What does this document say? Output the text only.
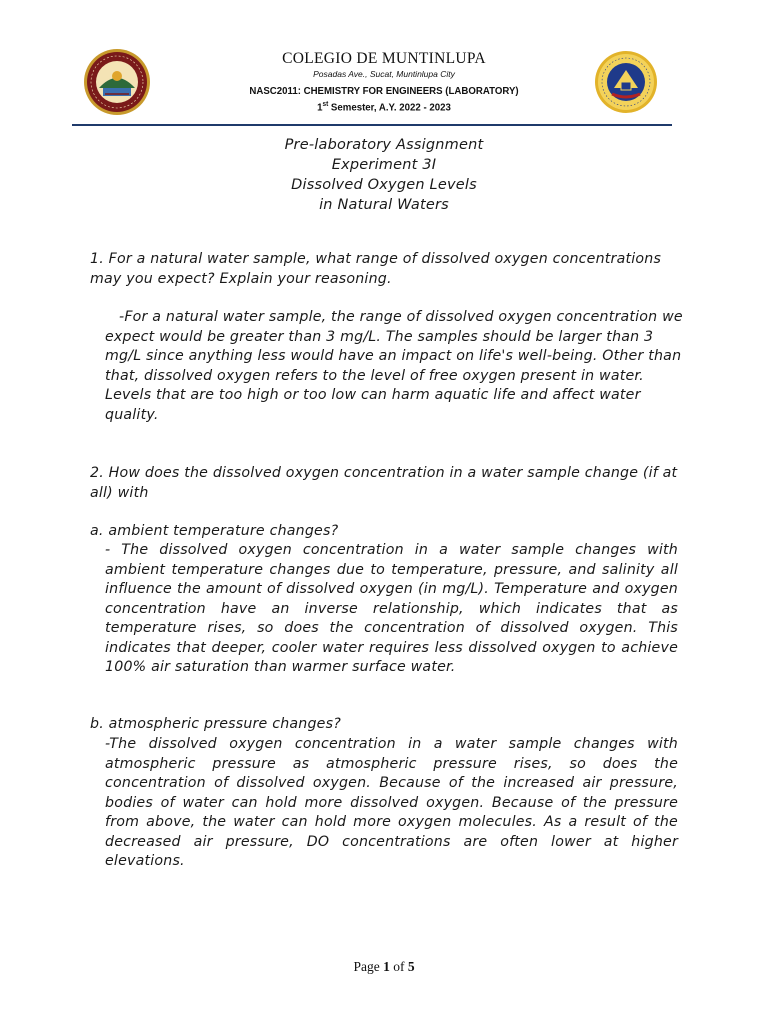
COLEGIO DE MUNTINLUPA
Posadas Ave., Sucat, Muntinlupa City
NASC2011: CHEMISTRY FOR ENGINEERS (LABORATORY)
1st Semester, A.Y. 2022 - 2023
Pre-laboratory Assignment
Experiment 3I
Dissolved Oxygen Levels
in Natural Waters
1. For a natural water sample, what range of dissolved oxygen concentrations may you expect? Explain your reasoning.
-For a natural water sample, the range of dissolved oxygen concentration we expect would be greater than 3 mg/L. The samples should be larger than 3 mg/L since anything less would have an impact on life's well-being. Other than that, dissolved oxygen refers to the level of free oxygen present in water. Levels that are too high or too low can harm aquatic life and affect water quality.
2. How does the dissolved oxygen concentration in a water sample change (if at all) with
a. ambient temperature changes?
- The dissolved oxygen concentration in a water sample changes with ambient temperature changes due to temperature, pressure, and salinity all influence the amount of dissolved oxygen (in mg/L). Temperature and oxygen concentration have an inverse relationship, which indicates that as temperature rises, so does the concentration of dissolved oxygen. This indicates that deeper, cooler water requires less dissolved oxygen to achieve 100% air saturation than warmer surface water.
b. atmospheric pressure changes?
-The dissolved oxygen concentration in a water sample changes with atmospheric pressure as atmospheric pressure rises, so does the concentration of dissolved oxygen. Because of the increased air pressure, bodies of water can hold more dissolved oxygen. Because of the pressure from above, the water can hold more oxygen molecules. As a result of the decreased air pressure, DO concentrations are often lower at higher elevations.
Page 1 of 5
